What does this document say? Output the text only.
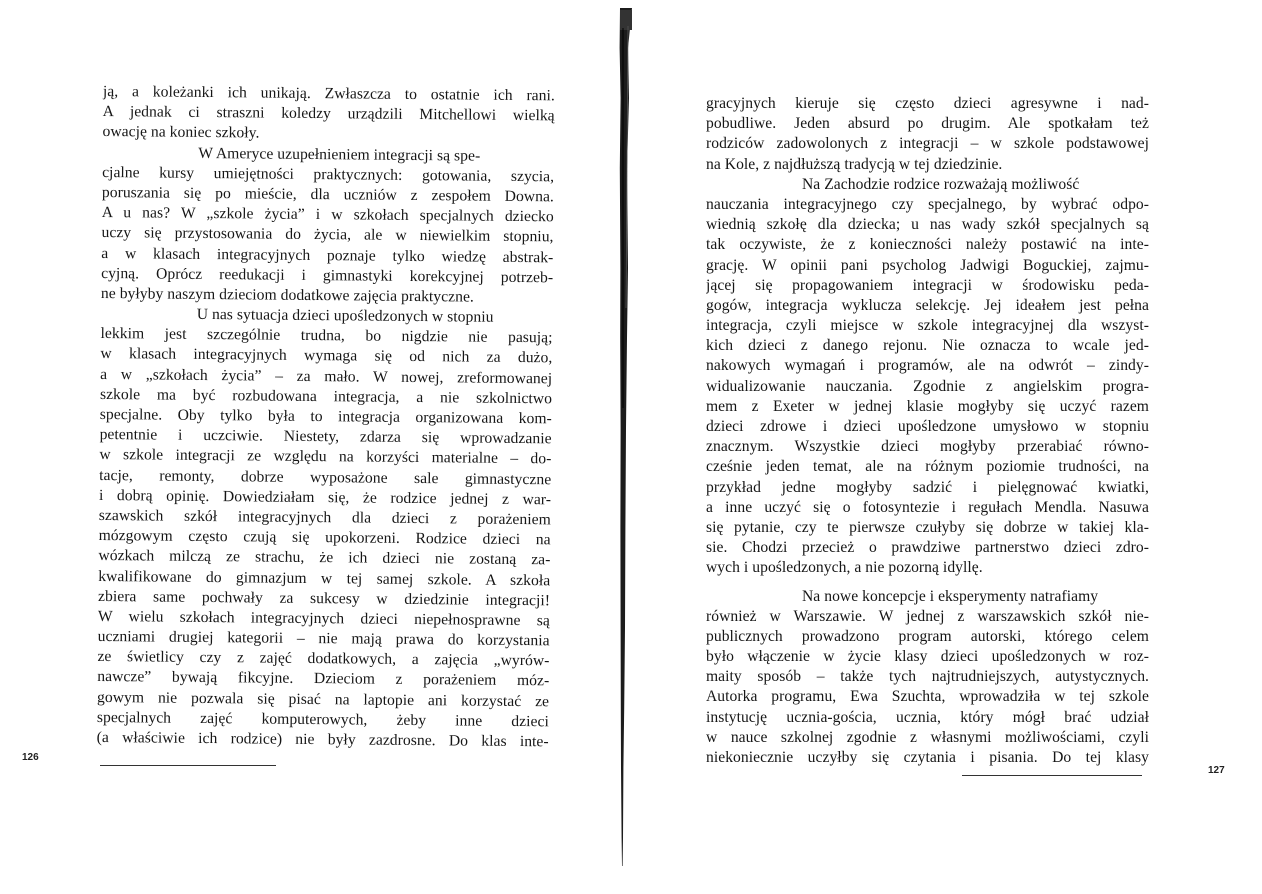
ją, a koleżanki ich unikają. Zwłaszcza to ostatnie ich rani.
A jednak ci straszni koledzy urządzili Mitchellowi wielką
owację na koniec szkoły.
W Ameryce uzupełnieniem integracji są spe-
cjalne kursy umiejętności praktycznych: gotowania, szycia,
poruszania się po mieście, dla uczniów z zespołem Downa.
A u nas? W „szkole życia” i w szkołach specjalnych dziecko
uczy się przystosowania do życia, ale w niewielkim stopniu,
a w klasach integracyjnych poznaje tylko wiedzę abstrak-
cyjną. Oprócz reedukacji i gimnastyki korekcyjnej potrzeb-
ne byłyby naszym dzieciom dodatkowe zajęcia praktyczne.
U nas sytuacja dzieci upośledzonych w stopniu
lekkim jest szczególnie trudna, bo nigdzie nie pasują;
w klasach integracyjnych wymaga się od nich za dużo,
a w „szkołach życia” – za mało. W nowej, zreformowanej
szkole ma być rozbudowana integracja, a nie szkolnictwo
specjalne. Oby tylko była to integracja organizowana kom-
petentnie i uczciwie. Niestety, zdarza się wprowadzanie
w szkole integracji ze względu na korzyści materialne – do-
tacje, remonty, dobrze wyposażone sale gimnastyczne
i dobrą opinię. Dowiedziałam się, że rodzice jednej z war-
szawskich szkół integracyjnych dla dzieci z porażeniem
mózgowym często czują się upokorzeni. Rodzice dzieci na
wózkach milczą ze strachu, że ich dzieci nie zostaną za-
kwalifikowane do gimnazjum w tej samej szkole. A szkoła
zbiera same pochwały za sukcesy w dziedzinie integracji!
W wielu szkołach integracyjnych dzieci niepełnosprawne są
uczniami drugiej kategorii – nie mają prawa do korzystania
ze świetlicy czy z zajęć dodatkowych, a zajęcia „wyrów-
nawcze” bywają fikcyjne. Dzieciom z porażeniem móz-
gowym nie pozwala się pisać na laptopie ani korzystać ze
specjalnych zajęć komputerowych, żeby inne dzieci
(a właściwie ich rodzice) nie były zazdrosne. Do klas inte-
gracyjnych kieruje się często dzieci agresywne i nad-
pobudliwe. Jeden absurd po drugim. Ale spotkałam też
rodziców zadowolonych z integracji – w szkole podstawowej
na Kole, z najdłuższą tradycją w tej dziedzinie.
Na Zachodzie rodzice rozważają możliwość
nauczania integracyjnego czy specjalnego, by wybrać odpo-
wiednią szkołę dla dziecka; u nas wady szkół specjalnych są
tak oczywiste, że z konieczności należy postawić na inte-
grację. W opinii pani psycholog Jadwigi Boguckiej, zajmu-
jącej się propagowaniem integracji w środowisku peda-
gogów, integracja wyklucza selekcję. Jej ideałem jest pełna
integracja, czyli miejsce w szkole integracyjnej dla wszyst-
kich dzieci z danego rejonu. Nie oznacza to wcale jed-
nakowych wymagań i programów, ale na odwrót – zindy-
widualizowanie nauczania. Zgodnie z angielskim progra-
mem z Exeter w jednej klasie mogłyby się uczyć razem
dzieci zdrowe i dzieci upośledzone umysłowo w stopniu
znacznym. Wszystkie dzieci mogłyby przerabiać równo-
cześnie jeden temat, ale na różnym poziomie trudności, na
przykład jedne mogłyby sadzić i pielęgnować kwiatki,
a inne uczyć się o fotosyntezie i regułach Mendla. Nasuwa
się pytanie, czy te pierwsze czułyby się dobrze w takiej kla-
sie. Chodzi przecież o prawdziwe partnerstwo dzieci zdro-
wych i upośledzonych, a nie pozorną idyllę.
Na nowe koncepcje i eksperymenty natrafiamy
również w Warszawie. W jednej z warszawskich szkół nie-
publicznych prowadzono program autorski, którego celem
było włączenie w życie klasy dzieci upośledzonych w roz-
maity sposób – także tych najtrudniejszych, autystycznych.
Autorka programu, Ewa Szuchta, wprowadziła w tej szkole
instytucję ucznia-gościa, ucznia, który mógł brać udział
w nauce szkolnej zgodnie z własnymi możliwościami, czyli
niekoniecznie uczyłby się czytania i pisania. Do tej klasy
126
127
